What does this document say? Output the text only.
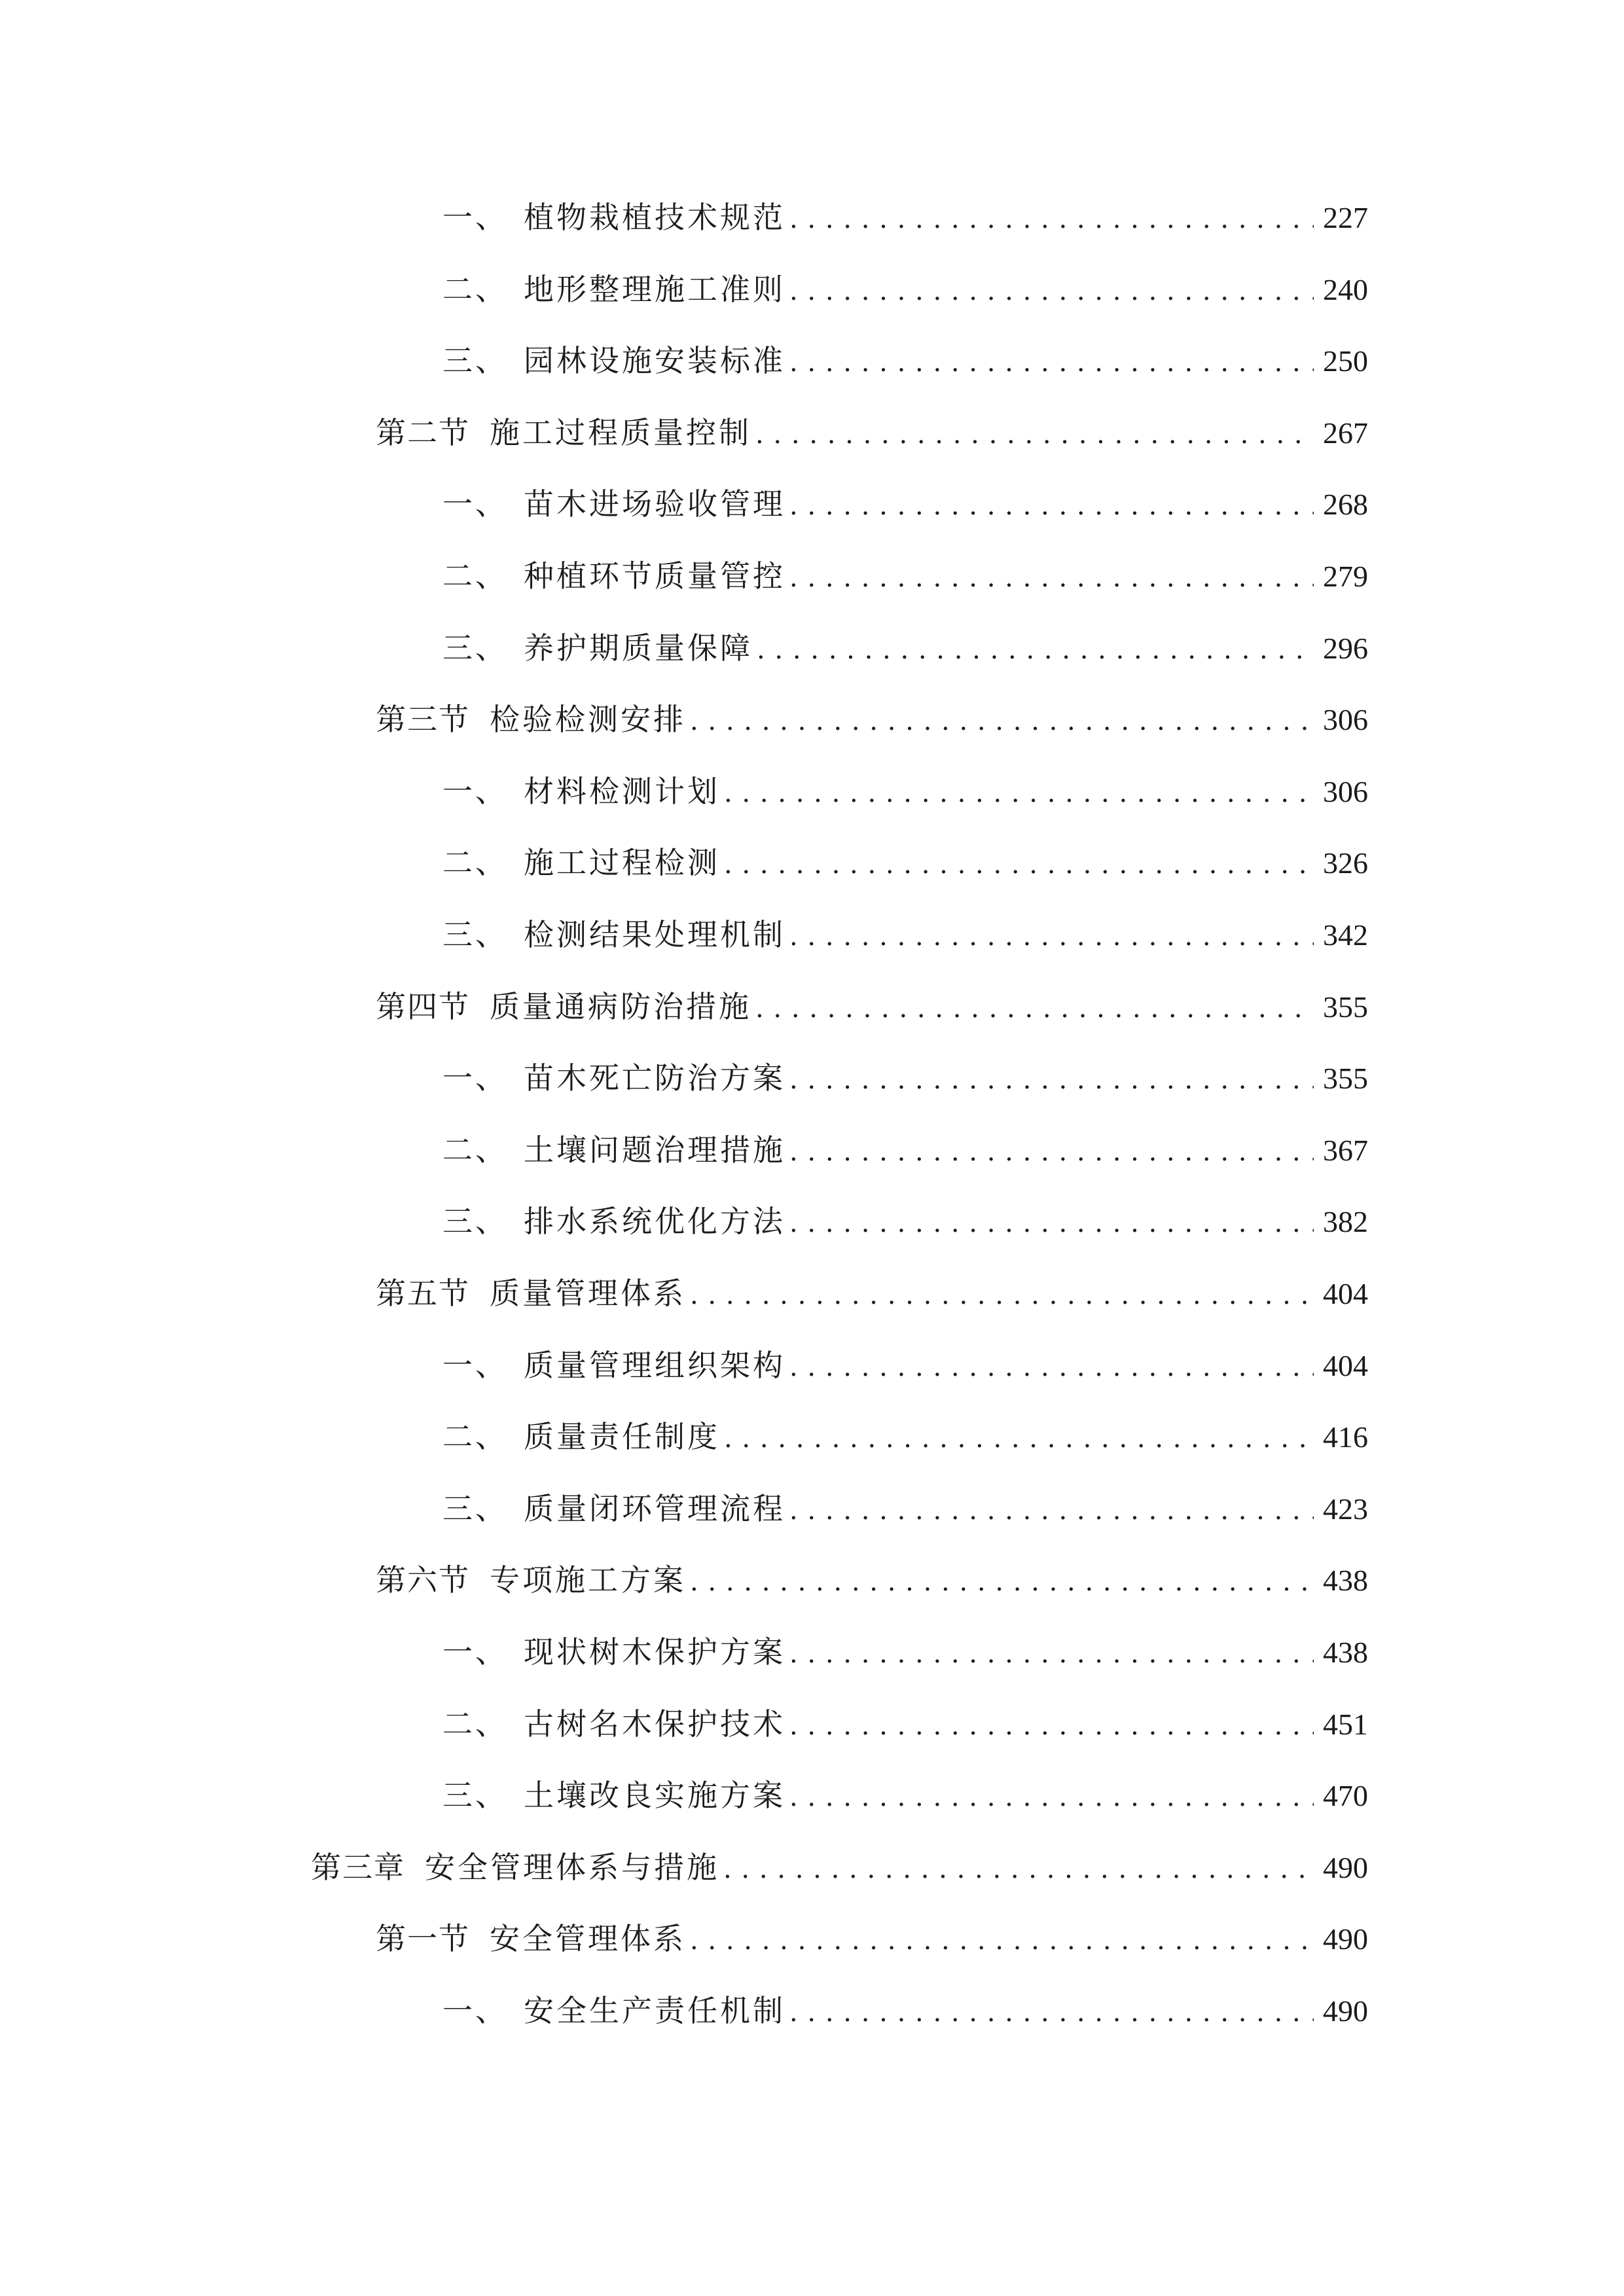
一、 植物栽植技术规范 . . .	227
二、 地形整理施工准则 . . .	240
三、 园林设施安装标准 . . .	250
第二节 施工过程质量控制 . . .	267
一、 苗木进场验收管理 . . .	268
二、 种植环节质量管控 . . .	279
三、 养护期质量保障 . . .	296
第三节 检验检测安排 . . .	306
一、 材料检测计划 . . .	306
二、 施工过程检测 . . .	326
三、 检测结果处理机制 . . .	342
第四节 质量通病防治措施 . . .	355
一、 苗木死亡防治方案 . . .	355
二、 土壤问题治理措施 . . .	367
三、 排水系统优化方法 . . .	382
第五节 质量管理体系 . . .	404
一、 质量管理组织架构 . . .	404
二、 质量责任制度 . . .	416
三、 质量闭环管理流程 . . .	423
第六节 专项施工方案 . . .	438
一、 现状树木保护方案 . . .	438
二、 古树名木保护技术 . . .	451
三、 土壤改良实施方案 . . .	470
第三章 安全管理体系与措施 . . .	490
第一节 安全管理体系 . . .	490
一、 安全生产责任机制 . . .	490
